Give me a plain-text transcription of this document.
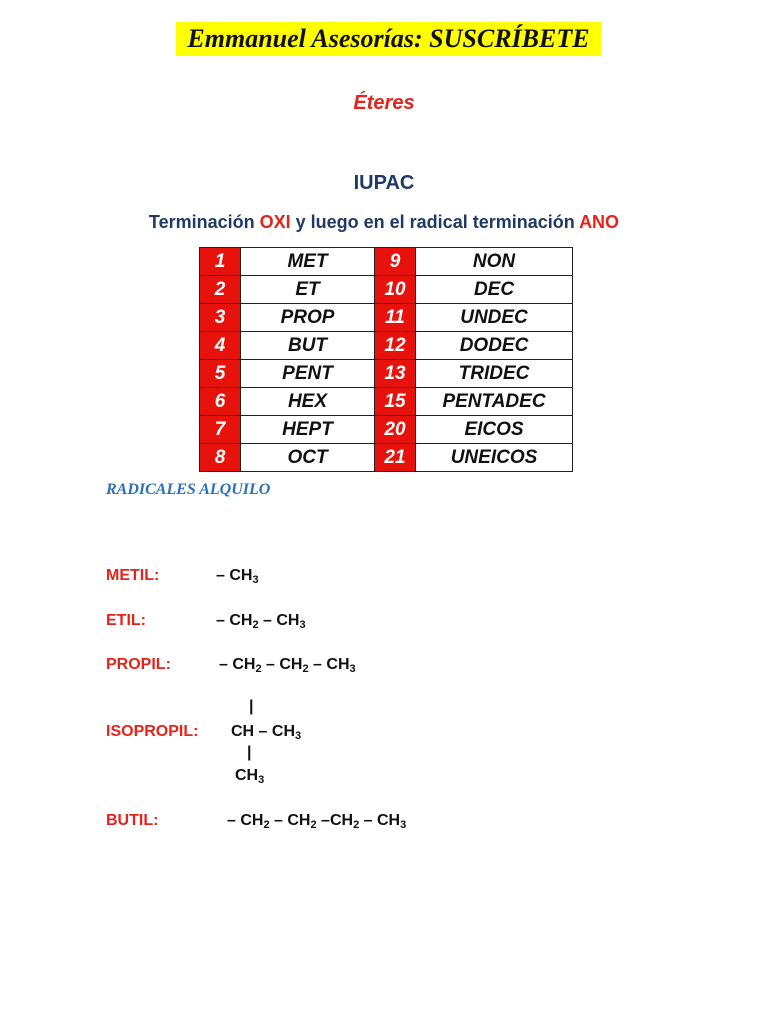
Emmanuel Asesorías: SUSCRÍBETE
Éteres
IUPAC
Terminación OXI y luego en el radical terminación ANO
1	MET	9	NON
2	ET	10	DEC
3	PROP	11	UNDEC
4	BUT	12	DODEC
5	PENT	13	TRIDEC
6	HEX	15	PENTADEC
7	HEPT	20	EICOS
8	OCT	21	UNEICOS
RADICALES ALQUILO
METIL:	– $CH_3$
ETIL:	– $CH_2 - CH_3$
PROPIL:	– $CH_2 - CH_2 - CH_3$
|
ISOPROPIL: CH – $CH_3$
|
$CH_3$
BUTIL:	– $CH_2 - CH_2$ $-CH_2 - CH_3$
